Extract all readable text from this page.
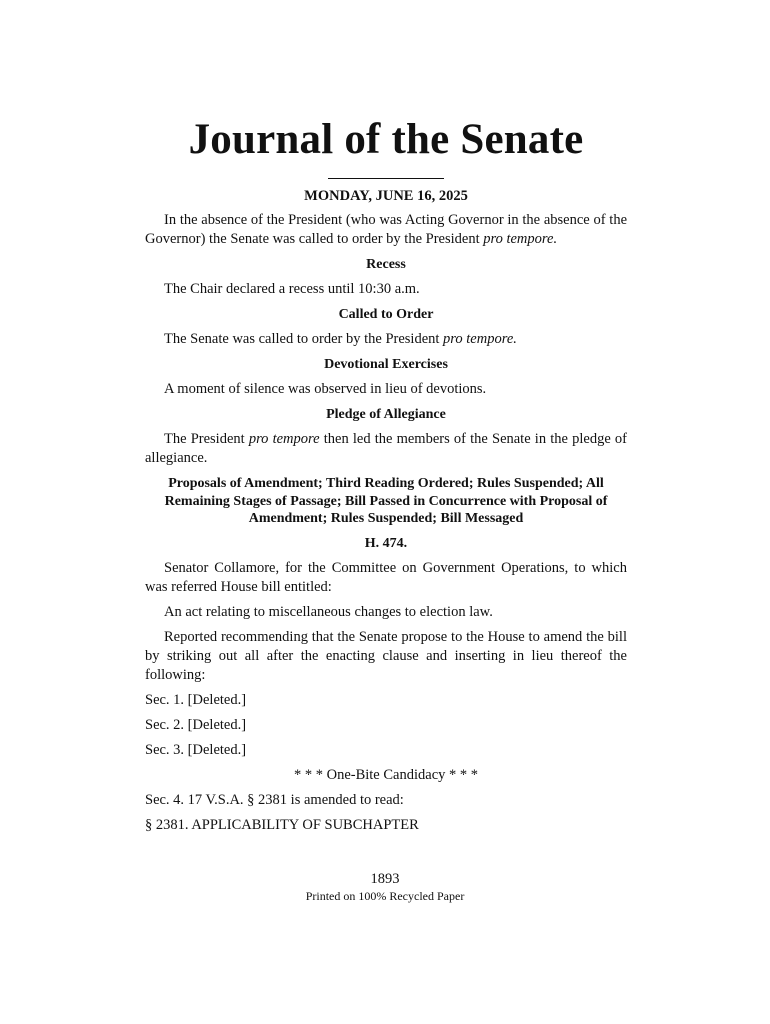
Journal of the Senate
MONDAY, JUNE 16, 2025

In the absence of the President (who was Acting Governor in the absence of the Governor) the Senate was called to order by the President pro tempore.

Recess

The Chair declared a recess until 10:30 a.m.

Called to Order

The Senate was called to order by the President pro tempore.

Devotional Exercises

A moment of silence was observed in lieu of devotions.

Pledge of Allegiance

The President pro tempore then led the members of the Senate in the pledge of allegiance.

Proposals of Amendment; Third Reading Ordered; Rules Suspended; All Remaining Stages of Passage; Bill Passed in Concurrence with Proposal of Amendment; Rules Suspended; Bill Messaged
H. 474.

Senator Collamore, for the Committee on Government Operations, to which was referred House bill entitled:

An act relating to miscellaneous changes to election law.

Reported recommending that the Senate propose to the House to amend the bill by striking out all after the enacting clause and inserting in lieu thereof the following:

Sec. 1. [Deleted.]

Sec. 2. [Deleted.]

Sec. 3. [Deleted.]

* * * One-Bite Candidacy * * *

Sec. 4. 17 V.S.A. § 2381 is amended to read:

§ 2381. APPLICABILITY OF SUBCHAPTER

1893
Printed on 100% Recycled Paper
